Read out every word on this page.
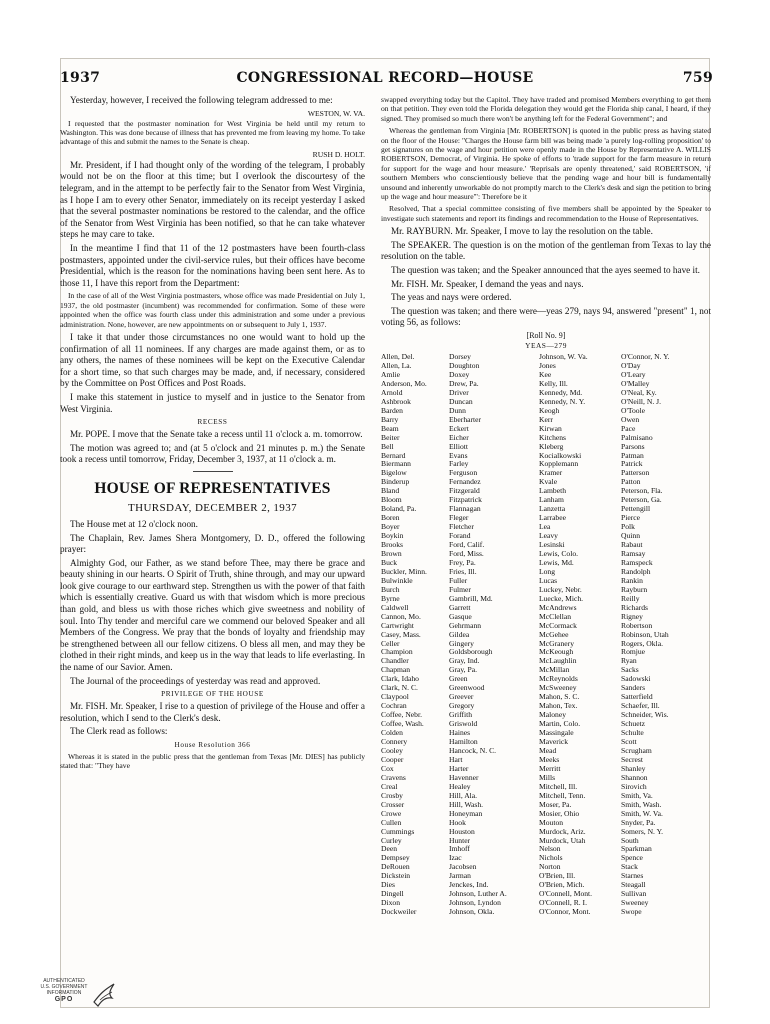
1937	CONGRESSIONAL RECORD—HOUSE	759

Yesterday, however, I received the following telegram addressed to me:

WESTON, W. VA.

I requested that the postmaster nomination for West Virginia be held until my return to Washington. This was done because of illness that has prevented me from leaving my home. To take advantage of this and submit the names to the Senate is cheap.

RUSH D. HOLT.

Mr. President, if I had thought only of the wording of the telegram, I probably would not be on the floor at this time; but I overlook the discourtesy of the telegram, and in the attempt to be perfectly fair to the Senator from West Virginia, as I hope I am to every other Senator, immediately on its receipt yesterday I asked that the several postmaster nominations be restored to the calendar, and the office of the Senator from West Virginia has been notified, so that he can take whatever steps he may care to take.

In the meantime I find that 11 of the 12 postmasters have been fourth-class postmasters, appointed under the civil-service rules, but their offices have become Presidential, which is the reason for the nominations having been sent here. As to those 11, I have this report from the Department:

In the case of all of the West Virginia postmasters, whose office was made Presidential on July 1, 1937, the old postmaster (incumbent) was recommended for confirmation. Some of these were appointed when the office was fourth class under this administration and some under a previous administration. None, however, are new appointments on or subsequent to July 1, 1937.

I take it that under those circumstances no one would want to hold up the confirmation of all 11 nominees. If any charges are made against them, or as to any others, the names of these nominees will be kept on the Executive Calendar for a short time, so that such charges may be made, and, if necessary, considered by the Committee on Post Offices and Post Roads.

I make this statement in justice to myself and in justice to the Senator from West Virginia.

RECESS

Mr. POPE. I move that the Senate take a recess until 11 o'clock a. m. tomorrow.

The motion was agreed to; and (at 5 o'clock and 21 minutes p. m.) the Senate took a recess until tomorrow, Friday, December 3, 1937, at 11 o'clock a. m.

HOUSE OF REPRESENTATIVES
THURSDAY, DECEMBER 2, 1937

The House met at 12 o'clock noon.

The Chaplain, Rev. James Shera Montgomery, D. D., offered the following prayer:

Almighty God, our Father, as we stand before Thee, may there be grace and beauty shining in our hearts. O Spirit of Truth, shine through, and may our upward look give courage to our earthward step. Strengthen us with the power of that faith which is essentially creative. Guard us with that wisdom which is more precious than gold, and bless us with those riches which give sweetness and nobility of soul. Into Thy tender and merciful care we commend our beloved Speaker and all Members of the Congress. We pray that the bonds of loyalty and friendship may be strengthened between all our fellow citizens. O bless all men, and may they be clothed in their right minds, and keep us in the way that leads to life everlasting. In the name of our Savior. Amen.

The Journal of the proceedings of yesterday was read and approved.

PRIVILEGE OF THE HOUSE

Mr. FISH. Mr. Speaker, I rise to a question of privilege of the House and offer a resolution, which I send to the Clerk's desk.

The Clerk read as follows:

House Resolution 366

Whereas it is stated in the public press that the gentleman from Texas [Mr. DIES] has publicly stated that: "They have

swapped everything today but the Capitol. They have traded and promised Members everything to get them on that petition. They even told the Florida delegation they would get the Florida ship canal, I heard, if they signed. They promised so much there won't be anything left for the Federal Government"; and

Whereas the gentleman from Virginia [Mr. ROBERTSON] is quoted in the public press as having stated on the floor of the House: "Charges the House farm bill was being made 'a purely log-rolling proposition' to get signatures on the wage and hour petition were openly made in the House by Representative A. WILLIS ROBERTSON, Democrat, of Virginia. He spoke of efforts to 'trade support for the farm measure in return for support for the wage and hour measure.' 'Reprisals are openly threatened,' said ROBERTSON, 'if southern Members who conscientiously believe that the pending wage and hour bill is fundamentally unsound and inherently unworkable do not promptly march to the Clerk's desk and sign the petition to bring up the wage and hour measure'": Therefore be it

Resolved, That a special committee consisting of five members shall be appointed by the Speaker to investigate such statements and report its findings and recommendation to the House of Representatives.

Mr. RAYBURN. Mr. Speaker, I move to lay the resolution on the table.

The SPEAKER. The question is on the motion of the gentleman from Texas to lay the resolution on the table.

The question was taken; and the Speaker announced that the ayes seemed to have it.

Mr. FISH. Mr. Speaker, I demand the yeas and nays.

The yeas and nays were ordered.

The question was taken; and there were—yeas 279, nays 94, answered "present" 1, not voting 56, as follows:

[Roll No. 9]
YEAS—279
Allen, Del.	Dorsey	Johnson, W. Va.	O'Connor, N. Y.
Allen, La.	Doughton	Jones	O'Day
Amlie	Doxey	Kee	O'Leary
Anderson, Mo.	Drew, Pa.	Kelly, Ill.	O'Malley
Arnold	Driver	Kennedy, Md.	O'Neal, Ky.
Ashbrook	Duncan	Kennedy, N. Y.	O'Neill, N. J.
Barden	Dunn	Keogh	O'Toole
Barry	Eberharter	Kerr	Owen
Beam	Eckert	Kirwan	Pace
Beiter	Eicher	Kitchens	Palmisano
Bell	Elliott	Kleberg	Parsons
Bernard	Evans	Kocialkowski	Patman
Biermann	Farley	Kopplemann	Patrick
Bigelow	Ferguson	Kramer	Patterson
Binderup	Fernandez	Kvale	Patton
Bland	Fitzgerald	Lambeth	Peterson, Fla.
Bloom	Fitzpatrick	Lanham	Peterson, Ga.
Boland, Pa.	Flannagan	Lanzetta	Pettengill
Boren	Fleger	Larrabee	Pierce
Boyer	Fletcher	Lea	Polk
Boykin	Forand	Leavy	Quinn
Brooks	Ford, Calif.	Lesinski	Rabaut
Brown	Ford, Miss.	Lewis, Colo.	Ramsay
Buck	Frey, Pa.	Lewis, Md.	Ramspeck
Buckler, Minn.	Fries, Ill.	Long	Randolph
Bulwinkle	Fuller	Lucas	Rankin
Burch	Fulmer	Luckey, Nebr.	Rayburn
Byrne	Gambrill, Md.	Luecke, Mich.	Reilly
Caldwell	Garrett	McAndrews	Richards
Cannon, Mo.	Gasque	McClellan	Rigney
Cartwright	Gehrmann	McCormack	Robertson
Casey, Mass.	Gildea	McGehee	Robinson, Utah
Celler	Gingery	McGranery	Rogers, Okla.
Champion	Goldsborough	McKeough	Romjue
Chandler	Gray, Ind.	McLaughlin	Ryan
Chapman	Gray, Pa.	McMillan	Sacks
Clark, Idaho	Green	McReynolds	Sadowski
Clark, N. C.	Greenwood	McSweeney	Sanders
Claypool	Greever	Mahon, S. C.	Satterfield
Cochran	Gregory	Mahon, Tex.	Schaefer, Ill.
Coffee, Nebr.	Griffith	Maloney	Schneider, Wis.
Coffee, Wash.	Griswold	Martin, Colo.	Schuetz
Colden	Haines	Massingale	Schulte
Connery	Hamilton	Maverick	Scott
Cooley	Hancock, N. C.	Mead	Scrugham
Cooper	Hart	Meeks	Secrest
Cox	Harter	Merritt	Shanley
Cravens	Havenner	Mills	Shannon
Creal	Healey	Mitchell, Ill.	Sirovich
Crosby	Hill, Ala.	Mitchell, Tenn.	Smith, Va.
Crosser	Hill, Wash.	Moser, Pa.	Smith, Wash.
Crowe	Honeyman	Mosier, Ohio	Smith, W. Va.
Cullen	Hook	Mouton	Snyder, Pa.
Cummings	Houston	Murdock, Ariz.	Somers, N. Y.
Curley	Hunter	Murdock, Utah	South
Deen	Imhoff	Nelson	Sparkman
Dempsey	Izac	Nichols	Spence
DeRouen	Jacobsen	Norton	Stack
Dickstein	Jarman	O'Brien, Ill.	Starnes
Dies	Jenckes, Ind.	O'Brien, Mich.	Steagall
Dingell	Johnson, Luther A.	O'Connell, Mont.	Sullivan
Dixon	Johnson, Lyndon	O'Connell, R. I.	Sweeney
Dockweiler	Johnson, Okla.	O'Connor, Mont.	Swope
AUTHENTICATED
U.S. GOVERNMENT
INFORMATION
GPO
